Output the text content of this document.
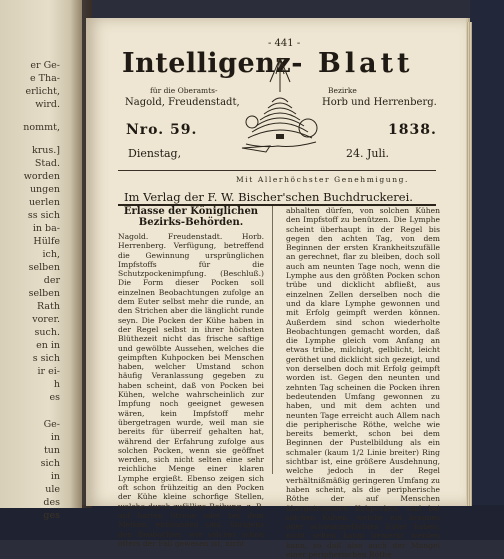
er Ge-
e Tha-
erlicht,
wird.
nommt,
krus.]
Stad.
worden
ungen
uerlen
ss sich
in ba-
Hülfe
ich,
selben
der
selben
Rath
vorer.
such.
en in
s sich
ir ei-
h
es
Ge-
in
tun
sich
in
ule
des
ges
- 441 -
Intelligenz- Blatt
für die Oberamts-	Bezirke
Nagold, Freudenstadt,	Horb und Herrenberg.
Nro. 59.	1838.
Dienstag,	24. Juli.
Mit Allerhöchster Genehmigung.
Im Verlag der F. W. Bischer'schen Buchdruckerei.
Erlasse der Königlichen Bezirks-Behörden.

Nagold. Freudenstadt. Horb. Herrenberg. Verfügung, betreffend die Gewinnung ursprünglichen Impfstoffs für die Schutzpockenimpfung. (Beschluß.) Die Form dieser Pocken soll einzelnen Beobachtungen zufolge an dem Euter selbst mehr die runde, an den Strichen aber die länglicht runde seyn. Die Pocken der Kühe haben in der Regel selbst in ihrer höchsten Blüthezeit nicht das frische saftige und gewölbte Aussehen, welches die geimpften Kuhpocken bei Menschen haben, welcher Umstand schon häufig Veranlassung gegeben zu haben scheint, daß von Pocken bei Kühen, welche wahrscheinlich zur Impfung noch geeignet gewesen wären, kein Impfstoff mehr übergetragen wurde, weil man sie bereits für überreif gehalten hat, während der Erfahrung zufolge aus solchen Pocken, wenn sie geöffnet werden, sich nicht selten eine sehr reichliche Menge einer klaren Lymphe ergießt. Ebenso zeigen sich oft schon frühzeitig an den Pocken der Kühe kleine schorfige Stellen, welche durch zufällige Reibung, z. B. auf harten Streue oder bei dem Melken, entstanden sind, übrigens den Beobachter, wie solches schon öfters der Fall gewesen ist, nicht

abhalten dürfen, von solchen Kühen den Impfstoff zu benützen. Die Lymphe scheint überhaupt in der Regel bis gegen den achten Tag, von dem Beginnen der ersten Krankheitszufälle an gerechnet, flar zu bleiben, doch soll auch am neunten Tage noch, wenn die Lymphe aus den größten Pocken schon trübe und dicklicht abfließt, aus einzelnen Zellen derselben noch die und da klare Lymphe gewonnen und mit Erfolg geimpft werden können. Außerdem sind schon wiederholte Beobachtungen gemacht worden, daß die Lymphe gleich vom Anfang an etwas trübe, milchigt, gelblicht, leicht geröthet und dicklicht sich gezeigt, und von derselben doch mit Erfolg geimpft worden ist. Gegen den neunten und zehnten Tag scheinen die Pocken ihren bedeutenden Umfang gewonnen zu haben, und mit dem achten und neunten Tage erreicht auch Allem nach die peripherische Röthe, welche wie bereits bemerkt, schon bei dem Beginnen der Pustelbildung als ein schmaler (kaum 1/2 Linie breiter) Ring sichtbar ist, eine größere Ausdehnung, welche jedoch in der Regel verhältnißmäßig geringeren Umfang zu haben scheint, als die peripherische Röthe der auf Menschen übergetragenen Kuhpocken, und bei solchen Kühen, welche ein braunes oder schwarzgefärbtes Euter haben, nicht selten kaum bemerkt werden kann, so daß also auch der Mangel einer peripherischen Röthe
